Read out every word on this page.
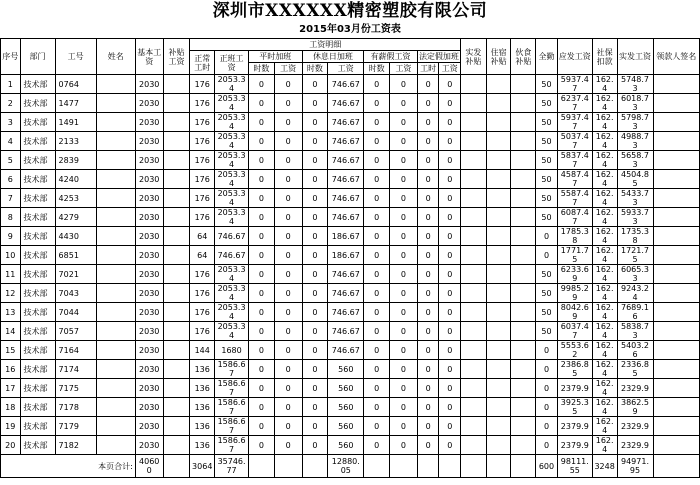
深圳市XXXXXX精密塑胶有限公司
2015年03月份工资表
序号	部门	工号	姓名	基本工资	补贴工资	工资明细										实发补贴	住宿补贴	伙食补贴	全勤	应发工资	社保扣款	实发工资	领款人签名
						正常工时	正班工资	平时加班		休息日加班		有薪假工资		法定假加班									
								时数	工资	时数	工资	时数	工资	工时	工资								
1	技术部	0764		2030		176	2053.34	0	0	0	746.67	0	0	0	0				50	5937.47	162.4	5748.73	
2	技术部	1477		2030		176	2053.34	0	0	0	746.67	0	0	0	0				50	6237.47	162.4	6018.73	
3	技术部	1491		2030		176	2053.34	0	0	0	746.67	0	0	0	0				50	5937.47	162.4	5798.73	
4	技术部	2133		2030		176	2053.34	0	0	0	746.67	0	0	0	0				50	5037.47	162.4	4988.73	
5	技术部	2839		2030		176	2053.34	0	0	0	746.67	0	0	0	0				50	5837.47	162.4	5658.73	
6	技术部	4240		2030		176	2053.34	0	0	0	746.67	0	0	0	0				50	4587.47	162.4	4504.85	
7	技术部	4253		2030		176	2053.34	0	0	0	746.67	0	0	0	0				50	5587.47	162.4	5433.73	
8	技术部	4279		2030		176	2053.34	0	0	0	746.67	0	0	0	0				50	6087.47	162.4	5933.73	
9	技术部	4430		2030		64	746.67	0	0	0	186.67	0	0	0	0				0	1785.38	162.4	1735.38	
10	技术部	6851		2030		64	746.67	0	0	0	186.67	0	0	0	0				0	1771.75	162.4	1721.75	
11	技术部	7021		2030		176	2053.34	0	0	0	746.67	0	0	0	0				50	6233.69	162.4	6065.33	
12	技术部	7043		2030		176	2053.34	0	0	0	746.67	0	0	0	0				50	9985.29	162.4	9243.24	
13	技术部	7044		2030		176	2053.34	0	0	0	746.67	0	0	0	0				50	8042.69	162.4	7689.16	
14	技术部	7057		2030		176	2053.34	0	0	0	746.67	0	0	0	0				50	6037.47	162.4	5838.73	
15	技术部	7164		2030		144	1680	0	0	0	746.67	0	0	0	0				0	5553.62	162.4	5403.26	
16	技术部	7174		2030		136	1586.67	0	0	0	560	0	0	0	0				0	2386.85	162.4	2336.85	
17	技术部	7175		2030		136	1586.67	0	0	0	560	0	0	0	0				0	2379.9	162.4	2329.9	
18	技术部	7178		2030		136	1586.67	0	0	0	560	0	0	0	0				0	3925.35	162.4	3862.59	
19	技术部	7179		2030		136	1586.67	0	0	0	560	0	0	0	0				0	2379.9	162.4	2329.9	
20	技术部	7182		2030		136	1586.67	0	0	0	560	0	0	0	0				0	2379.9	162.4	2329.9	
本页合计:				40600		3064	35746.77				12880.05								600	98111.55	3248	94971.95	
